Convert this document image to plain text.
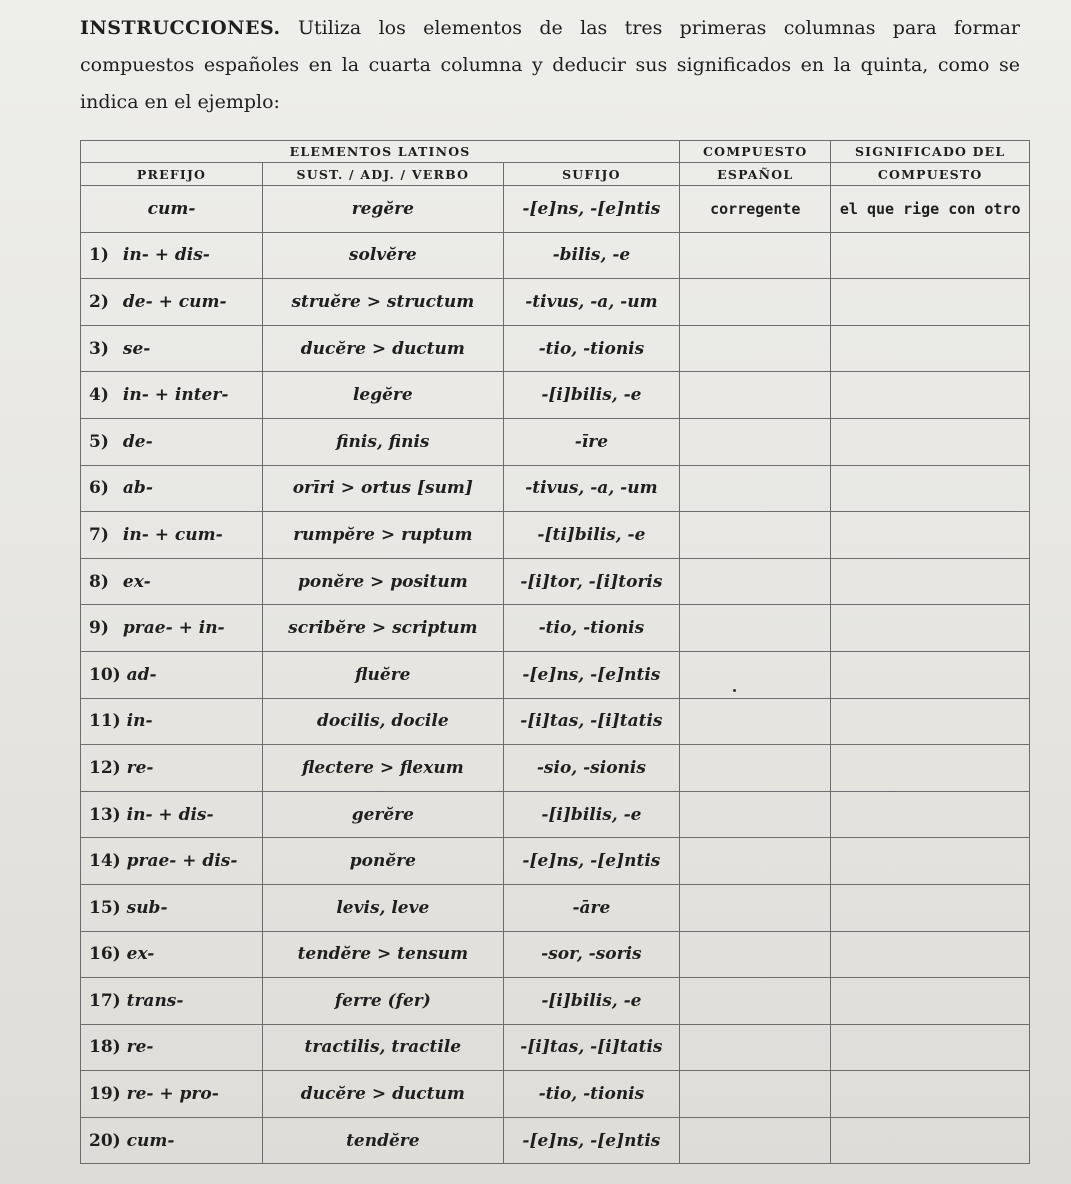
INSTRUCCIONES. Utiliza los elementos de las tres primeras columnas para formar compuestos españoles en la cuarta columna y deducir sus significados en la quinta, como se indica en el ejemplo:
ELEMENTOS LATINOS			COMPUESTO	SIGNIFICADO DEL
PREFIJO	SUST. / ADJ. / VERBO	SUFIJO	ESPAÑOL	COMPUESTO
cum-	regĕre	-[e]ns, -[e]ntis	corregente	el que rige con otro
1) in- + dis-	solvĕre	-bilis, -e		
2) de- + cum-	struĕre > structum	-tivus, -a, -um		
3) se-	ducĕre > ductum	-tio, -tionis		
4) in- + inter-	legĕre	-[i]bilis, -e		
5) de-	finis, finis	-īre		
6) ab-	orīri > ortus [sum]	-tivus, -a, -um		
7) in- + cum-	rumpĕre > ruptum	-[ti]bilis, -e		
8) ex-	ponĕre > positum	-[i]tor, -[i]toris		
9) prae- + in-	scribĕre > scriptum	-tio, -tionis		
10) ad-	fluĕre	-[e]ns, -[e]ntis		
11) in-	docilis, docile	-[i]tas, -[i]tatis		
12) re-	flectere > flexum	-sio, -sionis		
13) in- + dis-	gerĕre	-[i]bilis, -e		
14) prae- + dis-	ponĕre	-[e]ns, -[e]ntis		
15) sub-	levis, leve	-āre		
16) ex-	tendĕre > tensum	-sor, -soris		
17) trans-	ferre (fer)	-[i]bilis, -e		
18) re-	tractilis, tractile	-[i]tas, -[i]tatis		
19) re- + pro-	ducĕre > ductum	-tio, -tionis		
20) cum-	tendĕre	-[e]ns, -[e]ntis		
